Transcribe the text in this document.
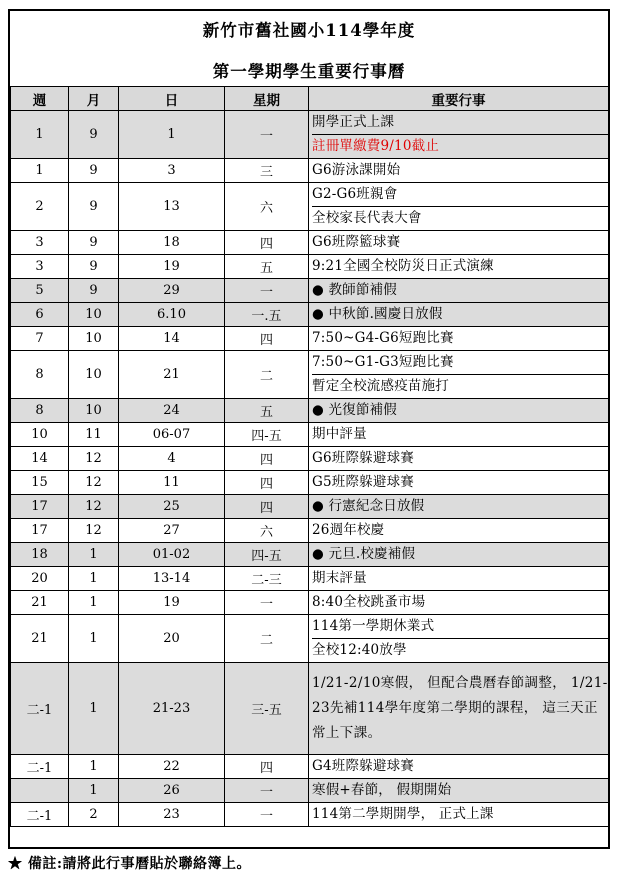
新竹市舊社國小114學年度
第一學期學生重要行事曆
週	月	日	星期	重要行事
1	9	1	一	開學正式上課
註冊單繳費9/10截止

1	9	3	三	G6游泳課開始

2	9	13	六	G2-G6班親會
全校家長代表大會

3	9	18	四	G6班際籃球賽

3	9	19	五	9:21全國全校防災日正式演練

5	9	29	一	● 教師節補假

6	10	6.10	一.五	● 中秋節.國慶日放假

7	10	14	四	7:50~G4-G6短跑比賽

8	10	21	二	7:50~G1-G3短跑比賽
暫定全校流感疫苗施打

8	10	24	五	● 光復節補假

10	11	06-07	四-五	期中評量

14	12	4	四	G6班際躲避球賽

15	12	11	四	G5班際躲避球賽

17	12	25	四	● 行憲紀念日放假

17	12	27	六	26週年校慶

18	1	01-02	四-五	● 元旦.校慶補假

20	1	13-14	二-三	期末評量

21	1	19	一	8:40全校跳蚤市場

21	1	20	二	114第一學期休業式
全校12:40放學

二-1	1	21-23	三-五	1/21-2/10寒假， 但配合農曆春節調整， 1/21-23先補114學年度第二學期的課程， 這三天正常上下課。

二-1	1	22	四	G4班際躲避球賽

	1	26	一	寒假+春節， 假期開始

二-1	2	23	一	114第二學期開學， 正式上課
★ 備註:請將此行事曆貼於聯絡簿上。
